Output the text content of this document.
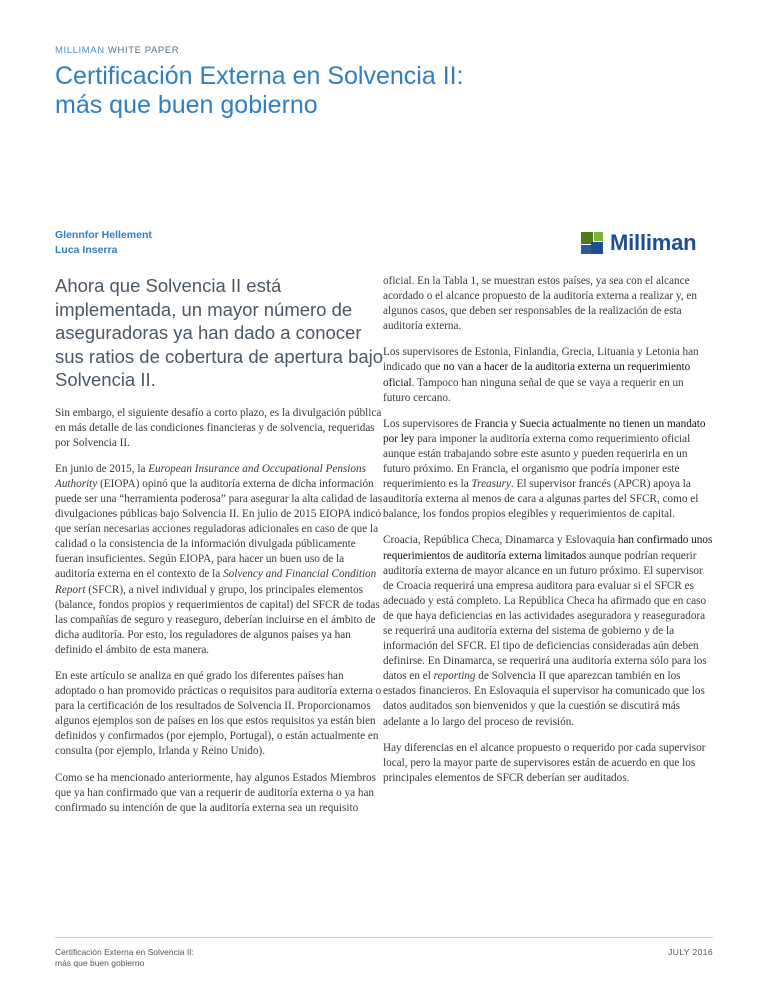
MILLIMAN WHITE PAPER
Certificación Externa en Solvencia II:
más que buen gobierno
Glennfor Hellement
Luca Inserra	Milliman

Ahora que Solvencia II está implementada, un mayor número de aseguradoras ya han dado a conocer sus ratios de cobertura de apertura bajo Solvencia II.

Sin embargo, el siguiente desafío a corto plazo, es la divulgación pública en más detalle de las condiciones financieras y de solvencia, requeridas por Solvencia II.

En junio de 2015, la European Insurance and Occupational Pensions Authority (EIOPA) opinó que la auditoría externa de dicha información puede ser una “herramienta poderosa” para asegurar la alta calidad de las divulgaciones públicas bajo Solvencia II. En julio de 2015 EIOPA indicó que serían necesarias acciones reguladoras adicionales en caso de que la calidad o la consistencia de la información divulgada públicamente fueran insuficientes. Según EIOPA, para hacer un buen uso de la auditoría externa en el contexto de la Solvency and Financial Condition Report (SFCR), a nivel individual y grupo, los principales elementos (balance, fondos propios y requerimientos de capital) del SFCR de todas las compañías de seguro y reaseguro, deberían incluirse en el ámbito de dicha auditoría. Por esto, los reguladores de algunos países ya han definido el ámbito de esta manera.

En este artículo se analiza en qué grado los diferentes países han adoptado o han promovido prácticas o requisitos para auditoría externa o para la certificación de los resultados de Solvencia II. Proporcionamos algunos ejemplos son de países en los que estos requisitos ya están bien definidos y confirmados (por ejemplo, Portugal), o están actualmente en consulta (por ejemplo, Irlanda y Reino Unido).

Como se ha mencionado anteriormente, hay algunos Estados Miembros que ya han confirmado que van a requerir de auditoría externa o ya han confirmado su intención de que la auditoría externa sea un requisito

oficial. En la Tabla 1, se muestran estos países, ya sea con el alcance acordado o el alcance propuesto de la auditoría externa a realizar y, en algunos casos, que deben ser responsables de la realización de esta auditoría externa.

Los supervisores de Estonia, Finlandia, Grecia, Lituania y Letonia han indicado que no van a hacer de la auditoria externa un requerimiento oficial. Tampoco han ninguna señal de que se vaya a requerir en un futuro cercano.

Los supervisores de Francia y Suecia actualmente no tienen un mandato por ley para imponer la auditoría externa como requerimiento oficial aunque están trabajando sobre este asunto y pueden requerirla en un futuro próximo. En Francia, el organismo que podría imponer este requerimiento es la Treasury. El supervisor francés (APCR) apoya la auditoría externa al menos de cara a algunas partes del SFCR, como el balance, los fondos propios elegibles y requerimientos de capital.

Croacia, República Checa, Dinamarca y Eslovaquia han confirmado unos requerimientos de auditoría externa limitados aunque podrían requerir auditoría externa de mayor alcance en un futuro próximo. El supervisor de Croacia requerirá una empresa auditora para evaluar si el SFCR es adecuado y está completo. La República Checa ha afirmado que en caso de que haya deficiencias en las actividades aseguradora y reaseguradora se requerirá una auditoría externa del sistema de gobierno y de la información del SFCR. El tipo de deficiencias consideradas aún deben definirse. En Dinamarca, se requerirá una auditoría externa sólo para los datos en el reporting de Solvencia II que aparezcan también en los estados financieros. En Eslovaquia el supervisor ha comunicado que los datos auditados son bienvenidos y que la cuestión se discutirá más adelante a lo largo del proceso de revisión.

Hay diferencias en el alcance propuesto o requerido por cada supervisor local, pero la mayor parte de supervisores están de acuerdo en que los principales elementos de SFCR deberían ser auditados.

Certificación Externa en Solvencia II:
más que buen gobierno
JULY 2016
